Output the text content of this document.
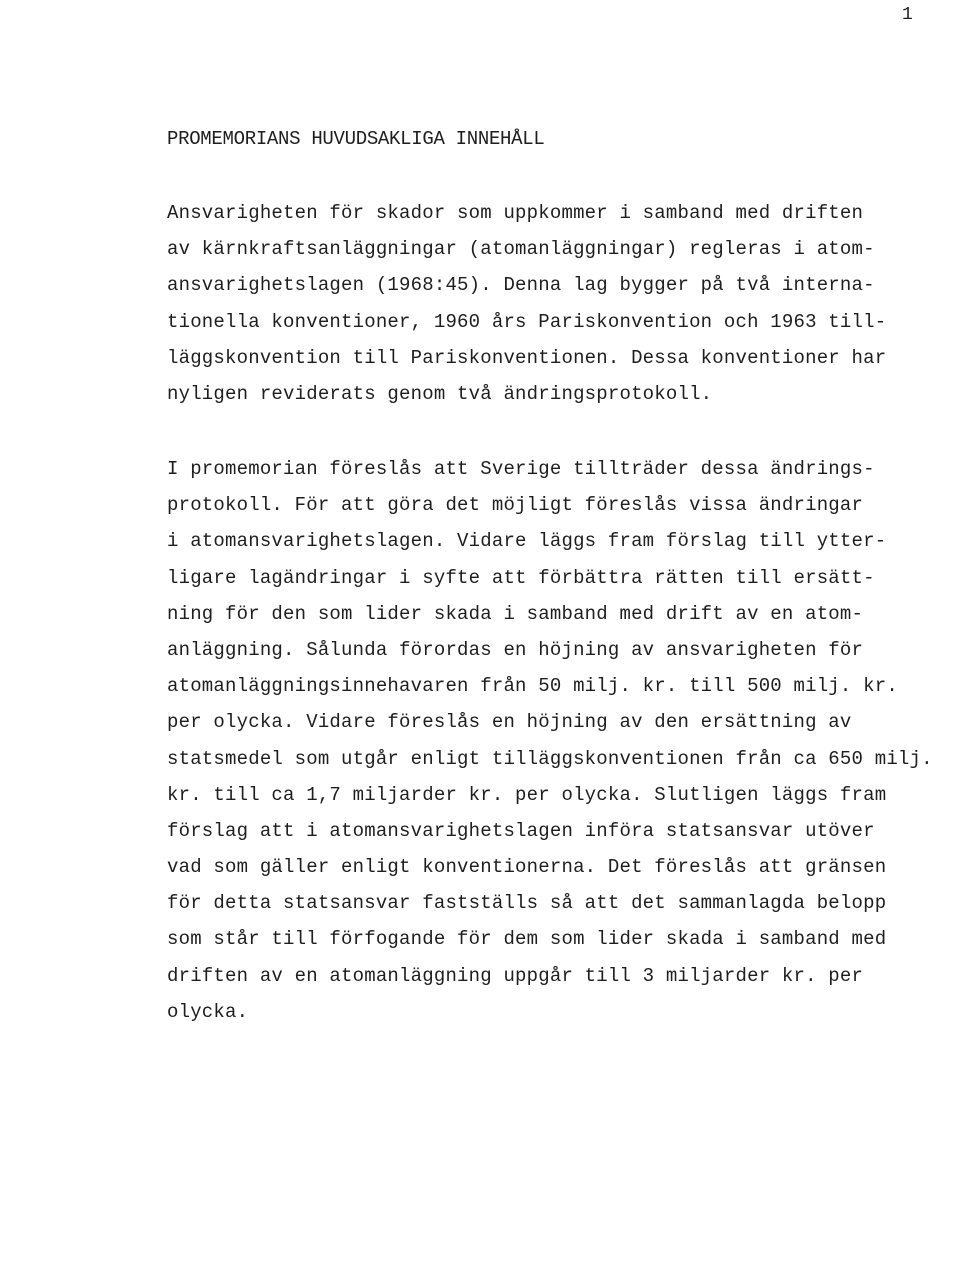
1
PROMEMORIANS HUVUDSAKLIGA INNEHÅLL
Ansvarigheten för skador som uppkommer i samband med driften
av kärnkraftsanläggningar (atomanläggningar) regleras i atom-
ansvarighetslagen (1968:45). Denna lag bygger på två interna-
tionella konventioner, 1960 års Pariskonvention och 1963 till-
läggskonvention till Pariskonventionen. Dessa konventioner har
nyligen reviderats genom två ändringsprotokoll.
I promemorian föreslås att Sverige tillträder dessa ändrings-
protokoll. För att göra det möjligt föreslås vissa ändringar
i atomansvarighetslagen. Vidare läggs fram förslag till ytter-
ligare lagändringar i syfte att förbättra rätten till ersätt-
ning för den som lider skada i samband med drift av en atom-
anläggning. Sålunda förordas en höjning av ansvarigheten för
atomanläggningsinnehavaren från 50 milj. kr. till 500 milj. kr.
per olycka. Vidare föreslås en höjning av den ersättning av
statsmedel som utgår enligt tilläggskonventionen från ca 650 milj.
kr. till ca 1,7 miljarder kr. per olycka. Slutligen läggs fram
förslag att i atomansvarighetslagen införa statsansvar utöver
vad som gäller enligt konventionerna. Det föreslås att gränsen
för detta statsansvar fastställs så att det sammanlagda belopp
som står till förfogande för dem som lider skada i samband med
driften av en atomanläggning uppgår till 3 miljarder kr. per
olycka.
